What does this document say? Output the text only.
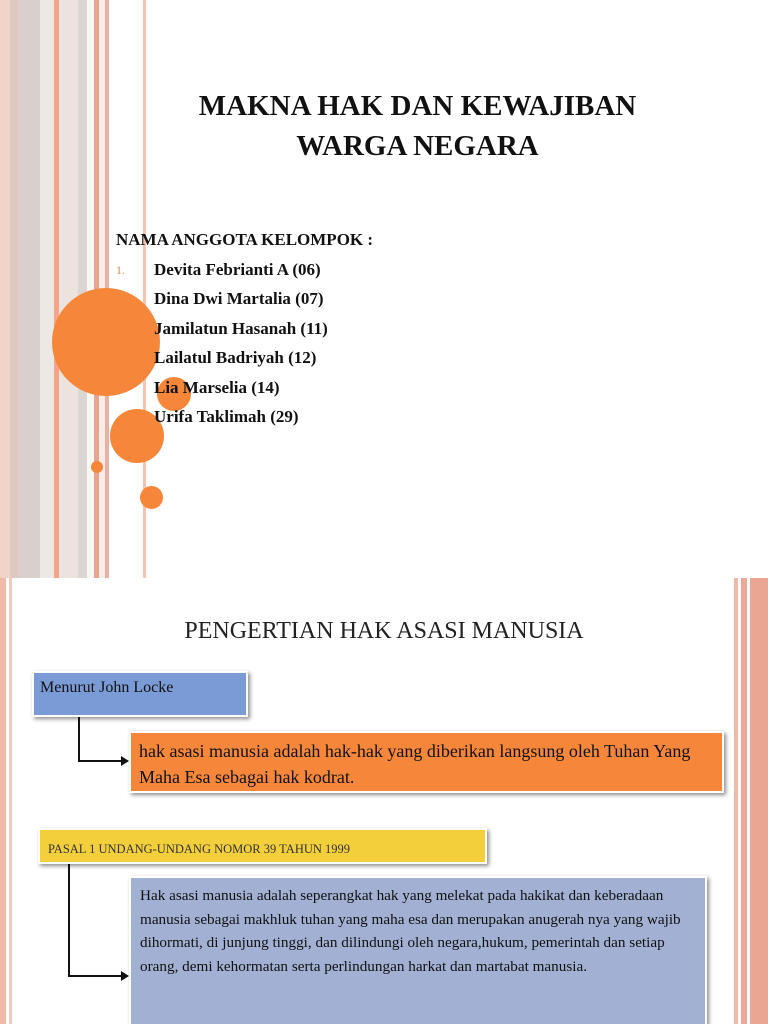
MAKNA HAK DAN KEWAJIBAN
WARGA NEGARA
NAMA ANGGOTA KELOMPOK :
1. Devita Febrianti A (06)
Dina Dwi Martalia (07)
Jamilatun Hasanah (11)
Lailatul Badriyah (12)
Lia Marselia (14)
Urifa Taklimah (29)
PENGERTIAN HAK ASASI MANUSIA
Menurut John Locke
hak asasi manusia adalah hak-hak yang diberikan langsung oleh Tuhan Yang Maha Esa sebagai hak kodrat.
PASAL 1 UNDANG-UNDANG NOMOR 39 TAHUN 1999
Hak asasi manusia adalah seperangkat hak yang melekat pada hakikat dan keberadaan manusia sebagai makhluk tuhan yang maha esa dan merupakan anugerah nya yang wajib dihormati, di junjung tinggi, dan dilindungi oleh negara,hukum, pemerintah dan setiap orang, demi kehormatan serta perlindungan harkat dan martabat manusia.
